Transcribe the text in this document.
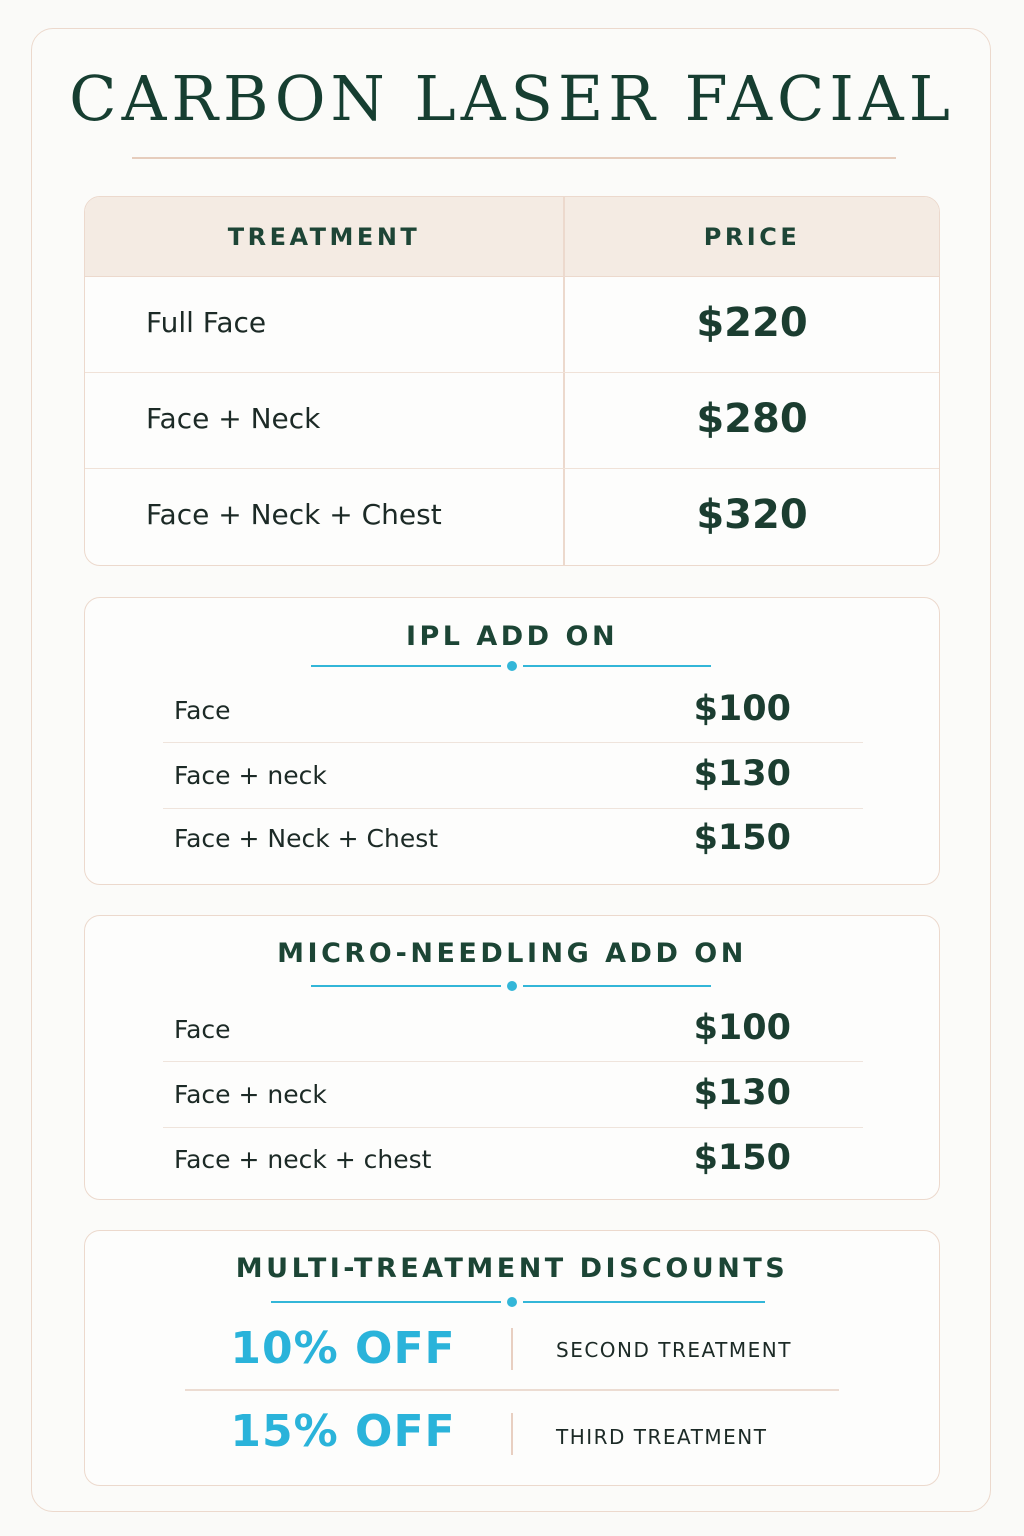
CARBON LASER FACIAL
TREATMENT	PRICE
Full Face	$220
Face + Neck	$280
Face + Neck + Chest	$320
IPL ADD ON
Face	$100
Face + neck	$130
Face + Neck + Chest	$150
MICRO-NEEDLING ADD ON
Face	$100
Face + neck	$130
Face + neck + chest	$150
MULTI-TREATMENT DISCOUNTS
10% OFF	SECOND TREATMENT
15% OFF	THIRD TREATMENT
